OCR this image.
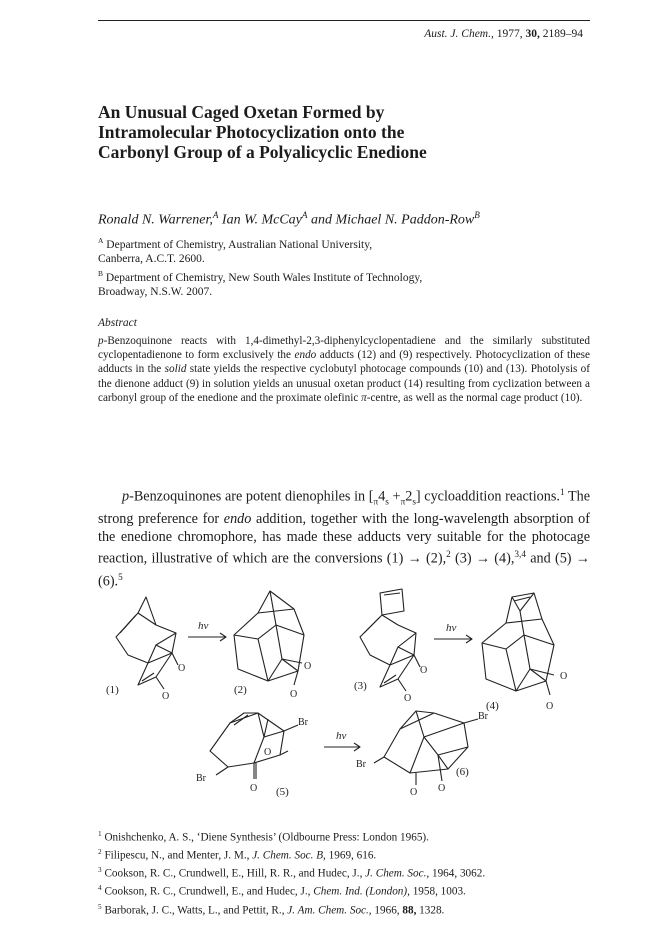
Aust. J. Chem., 1977, 30, 2189–94
An Unusual Caged Oxetan Formed by
Intramolecular Photocyclization onto the
Carbonyl Group of a Polyalicyclic Enedione
Ronald N. Warrener,$^A$ Ian W. McCay$^A$ and Michael N. Paddon-Row$^B$
$^A$ Department of Chemistry, Australian National University,
Canberra, A.C.T. 2600.
$^B$ Department of Chemistry, New South Wales Institute of Technology,
Broadway, N.S.W. 2007.
Abstract
p-Benzoquinone reacts with 1,4-dimethyl-2,3-diphenylcyclopentadiene and the similarly substituted cyclopentadienone to form exclusively the endo adducts (12) and (9) respectively. Photocyclization of these adducts in the solid state yields the respective cyclobutyl photocage compounds (10) and (13). Photolysis of the dienone adduct (9) in solution yields an unusual oxetan product (14) resulting from cyclization between a carbonyl group of the enedione and the proximate olefinic π-centre, as well as the normal cage product (10).

p-Benzoquinones are potent dienophiles in $[_\pi 4_s +_\pi 2_s]$ cycloaddition reactions.$^1$ The strong preference for endo addition, together with the long-wavelength absorption of the enedione chromophore, has made these adducts very suitable for the photocage reaction, illustrative of which are the conversions (1) → (2),$^2$ (3) → (4),$^{3,4}$ and (5) → (6).$^5$

(1)
O
O
hν
(2)	O
O
(3)
O
O
hν
(4)	O
O
Br
Br
O
O (5)
hν
Br
Br
O O
(6)
$^1$ Onishchenko, A. S., ‘Diene Synthesis’ (Oldbourne Press: London 1965).
$^2$ Filipescu, N., and Menter, J. M., J. Chem. Soc. B, 1969, 616.
$^3$ Cookson, R. C., Crundwell, E., Hill, R. R., and Hudec, J., J. Chem. Soc., 1964, 3062.
$^4$ Cookson, R. C., Crundwell, E., and Hudec, J., Chem. Ind. (London), 1958, 1003.
$^5$ Barborak, J. C., Watts, L., and Pettit, R., J. Am. Chem. Soc., 1966, 88, 1328.
